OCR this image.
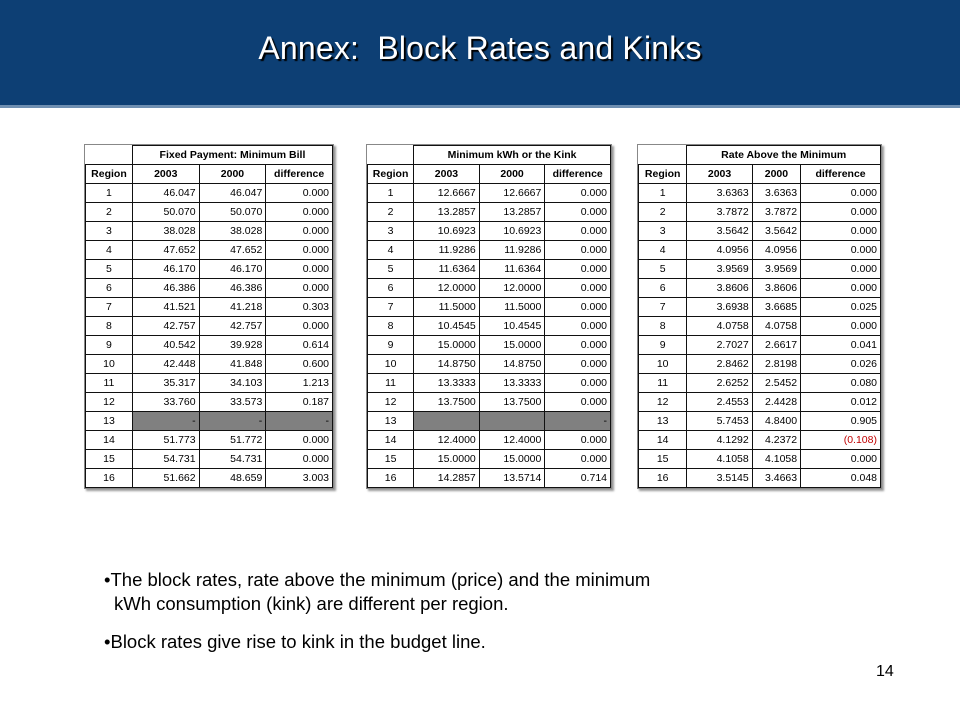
Annex:  Block Rates and Kinks
	Fixed Payment: Minimum Bill		
Region	2003	2000	difference
1	46.047	46.047	0.000
2	50.070	50.070	0.000
3	38.028	38.028	0.000
4	47.652	47.652	0.000
5	46.170	46.170	0.000
6	46.386	46.386	0.000
7	41.521	41.218	0.303
8	42.757	42.757	0.000
9	40.542	39.928	0.614
10	42.448	41.848	0.600
11	35.317	34.103	1.213
12	33.760	33.573	0.187
13	-	-	-
14	51.773	51.772	0.000
15	54.731	54.731	0.000
16	51.662	48.659	3.003
	Minimum kWh or the Kink		
Region	2003	2000	difference
1	12.6667	12.6667	0.000
2	13.2857	13.2857	0.000
3	10.6923	10.6923	0.000
4	11.9286	11.9286	0.000
5	11.6364	11.6364	0.000
6	12.0000	12.0000	0.000
7	11.5000	11.5000	0.000
8	10.4545	10.4545	0.000
9	15.0000	15.0000	0.000
10	14.8750	14.8750	0.000
11	13.3333	13.3333	0.000
12	13.7500	13.7500	0.000
13			-
14	12.4000	12.4000	0.000
15	15.0000	15.0000	0.000
16	14.2857	13.5714	0.714
	Rate Above the Minimum		
Region	2003	2000	difference
1	3.6363	3.6363	0.000
2	3.7872	3.7872	0.000
3	3.5642	3.5642	0.000
4	4.0956	4.0956	0.000
5	3.9569	3.9569	0.000
6	3.8606	3.8606	0.000
7	3.6938	3.6685	0.025
8	4.0758	4.0758	0.000
9	2.7027	2.6617	0.041
10	2.8462	2.8198	0.026
11	2.6252	2.5452	0.080
12	2.4553	2.4428	0.012
13	5.7453	4.8400	0.905
14	4.1292	4.2372	(0.108)
15	4.1058	4.1058	0.000
16	3.5145	3.4663	0.048

•The block rates, rate above the minimum (price) and the minimum

kWh consumption (kink) are different per region.

•Block rates give rise to kink in the budget line.

14
